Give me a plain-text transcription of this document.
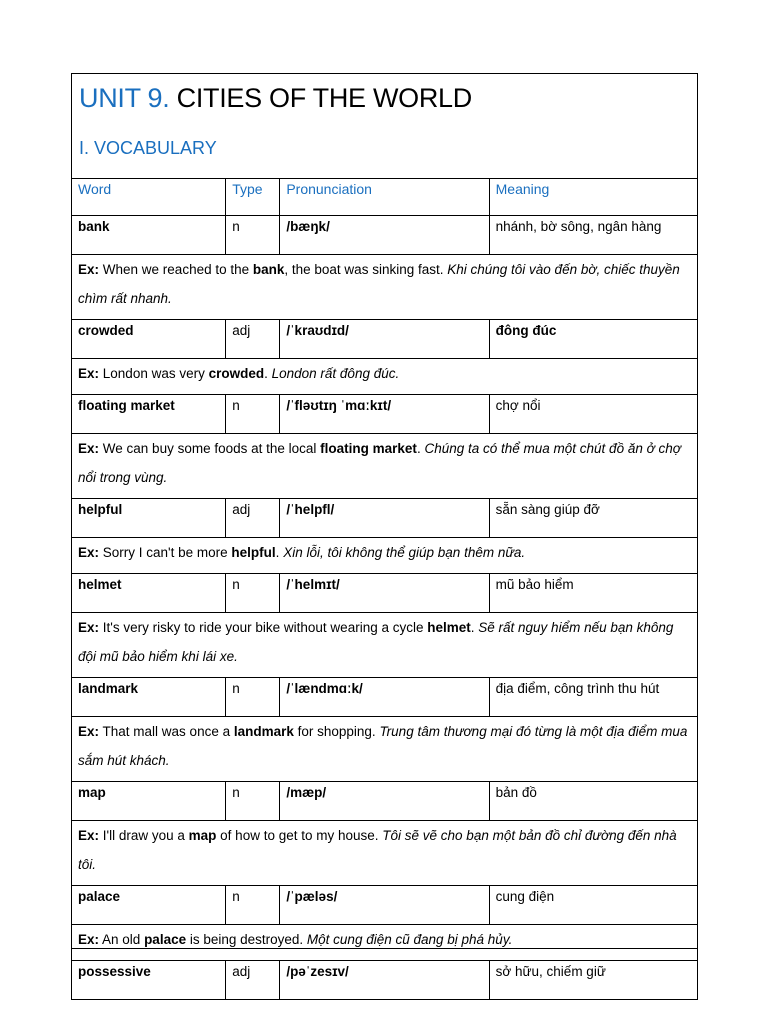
UNIT 9. CITIES OF THE WORLD
I. VOCABULARY
Word	Type	Pronunciation	Meaning
bank	n	/bæŋk/	nhánh, bờ sông, ngân hàng
Ex: When we reached to the bank, the boat was sinking fast. Khi chúng tôi vào đến bờ, chiếc thuyền chìm rất nhanh.			
crowded	adj	/ˈkraʊdɪd/	đông đúc
Ex: London was very crowded. London rất đông đúc.			
floating market	n	/ˈfləʊtɪŋ ˈmɑːkɪt/	chợ nổi
Ex: We can buy some foods at the local floating market. Chúng ta có thể mua một chút đồ ăn ở chợ nổi trong vùng.			
helpful	adj	/ˈhelpfl/	sẵn sàng giúp đỡ
Ex: Sorry I can't be more helpful. Xin lỗi, tôi không thể giúp bạn thêm nữa.			
helmet	n	/ˈhelmɪt/	mũ bảo hiểm
Ex: It's very risky to ride your bike without wearing a cycle helmet. Sẽ rất nguy hiểm nếu bạn không đội mũ bảo hiểm khi lái xe.			
landmark	n	/ˈlændmɑːk/	địa điểm, công trình thu hút
Ex: That mall was once a landmark for shopping. Trung tâm thương mại đó từng là một địa điểm mua sắm hút khách.			
map	n	/mæp/	bản đồ
Ex: I'll draw you a map of how to get to my house. Tôi sẽ vẽ cho bạn một bản đồ chỉ đường đến nhà tôi.			
palace	n	/ˈpæləs/	cung điện
Ex: An old palace is being destroyed. Một cung điện cũ đang bị phá hủy.			
possessive	adj	/pəˈzesɪv/	sở hữu, chiếm giữ
